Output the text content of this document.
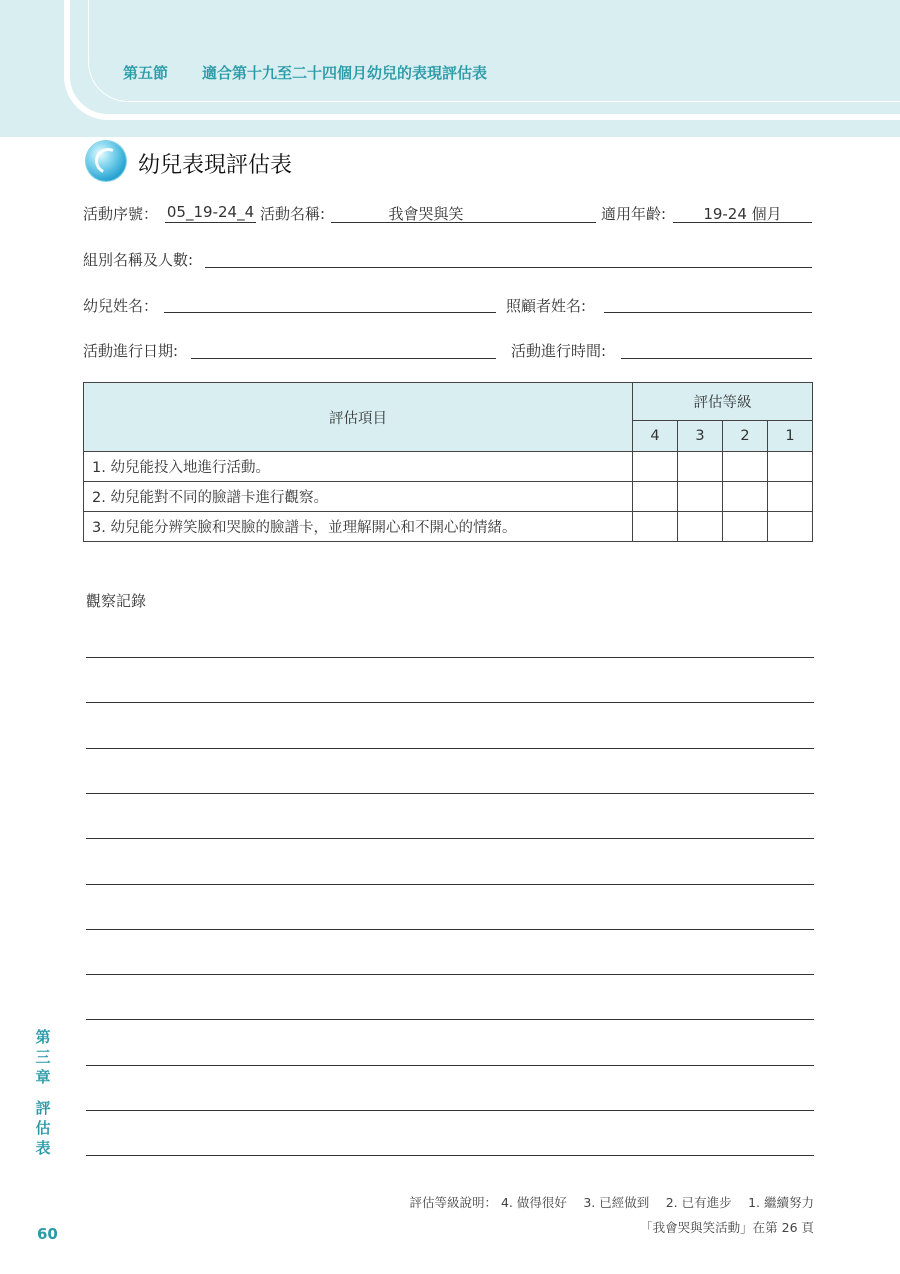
第五節 適合第十九至二十四個月幼兒的表現評估表
幼兒表現評估表
活動序號： 05_19-24_4 活動名稱:	我會哭與笑	適用年齡:	19-24 個月
組別名稱及人數:
幼兒姓名：	照顧者姓名:
活動進行日期:	活動進行時間:
評估項目	評估等級			
	4	3	2	1
1. 幼兒能投入地進行活動。				
2. 幼兒能對不同的臉譜卡進行觀察。				
3. 幼兒能分辨笑臉和哭臉的臉譜卡，並理解開心和不開心的情緒。				
觀察記錄
第
三
章
評
估
表
60
評估等級說明： 4. 做得很好　 3. 已經做到　 2. 已有進步　 1. 繼續努力
「我會哭與笑活動」在第 26 頁
